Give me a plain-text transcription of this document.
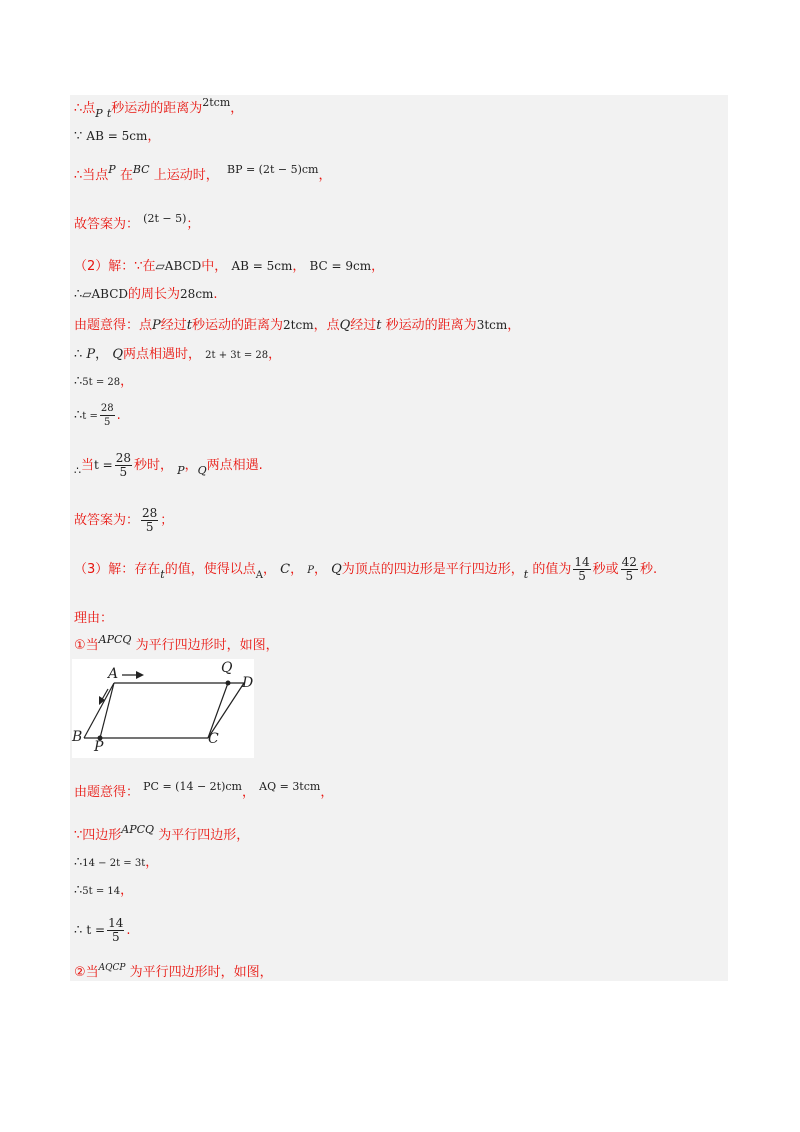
∴点$_P$ $_t$秒运动的距离为$^{2tcm}$，
∵ AB = 5cm，
∴当点$^P$ 在$^{BC}$ 上运动时， $^{BP = (2t - 5)cm}$，
故答案为： $^{(2t - 5)}$；
（2）解：∵在▱ABCD中， AB = 5cm， BC = 9cm，
∴▱ABCD的周长为28cm.
由题意得：点P经过t秒运动的距离为2tcm，点Q经过t 秒运动的距离为3tcm，
∴ P， Q两点相遇时， 2t + 3t = 28，
∴5t = 28，
∴t = $\frac{28}{5}$ .
$_\therefore$当$t = \frac{28}{5}$ 秒时， $_P$，$_Q$两点相遇.
故答案为： $\frac{28}{5}$ ；
（3）解：存在$_t$的值，使得以点$_A$， C， P， Q为顶点的四边形是平行四边形，$_t$ 的值为 $\frac{14}{5}$ 秒或 $\frac{42}{5}$ 秒.
理由：
①当$^{APCQ}$ 为平行四边形时，如图，
A
B	C
D
P
Q
由题意得： $^{PC = (14 - 2t)cm}$， $^{AQ = 3tcm}$，
∵四边形$^{APCQ}$ 为平行四边形，
∴14 − 2t = 3t，
∴5t = 14，
∴ $t = \frac{14}{5}$ .
②当$^{AQCP}$ 为平行四边形时，如图，
